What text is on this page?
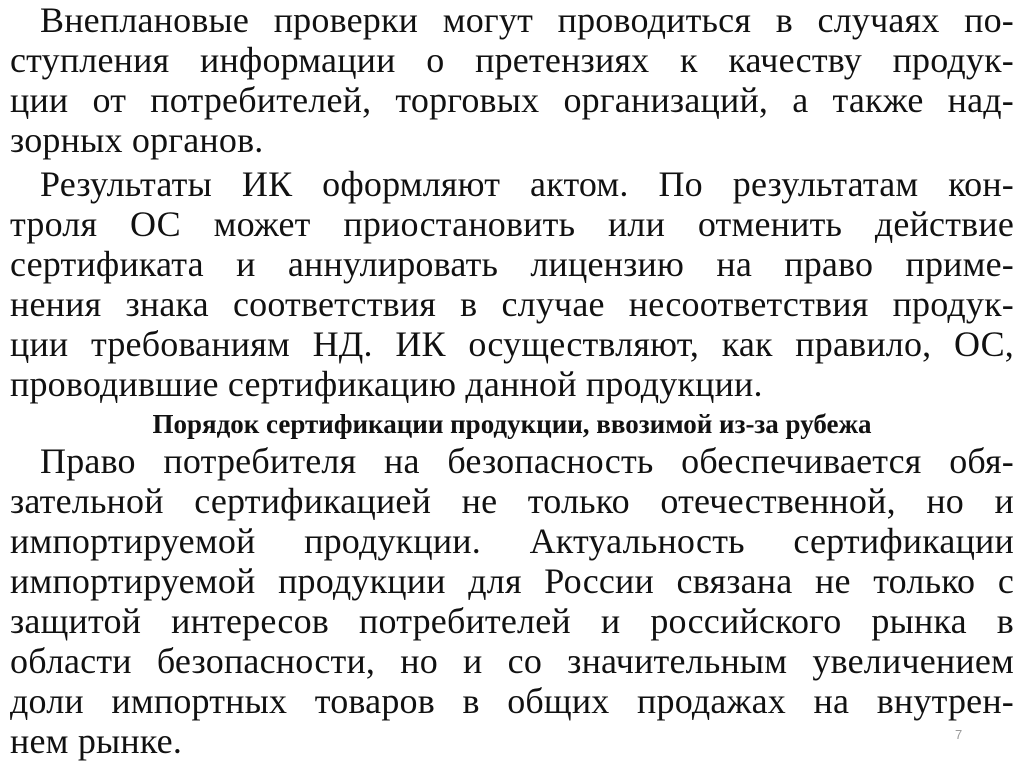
Внеплановые проверки могут проводиться в случаях по-
ступления информации о претензиях к качеству продук-
ции от потребителей, торговых организаций, а также над-
зорных органов.
Результаты ИК оформляют актом. По результатам кон-
троля ОС может приостановить или отменить действие
сертификата и аннулировать лицензию на право приме-
нения знака соответствия в случае несоответствия продук-
ции требованиям НД. ИК осуществляют, как правило, ОС,
проводившие сертификацию данной продукции.
Порядок сертификации продукции, ввозимой из-за рубежа
Право потребителя на безопасность обеспечивается обя-
зательной сертификацией не только отечественной, но и
импортируемой продукции. Актуальность сертификации
импортируемой продукции для России связана не только с
защитой интересов потребителей и российского рынка в
области безопасности, но и со значительным увеличением
доли импортных товаров в общих продажах на внутрен-
нем рынке.	7
